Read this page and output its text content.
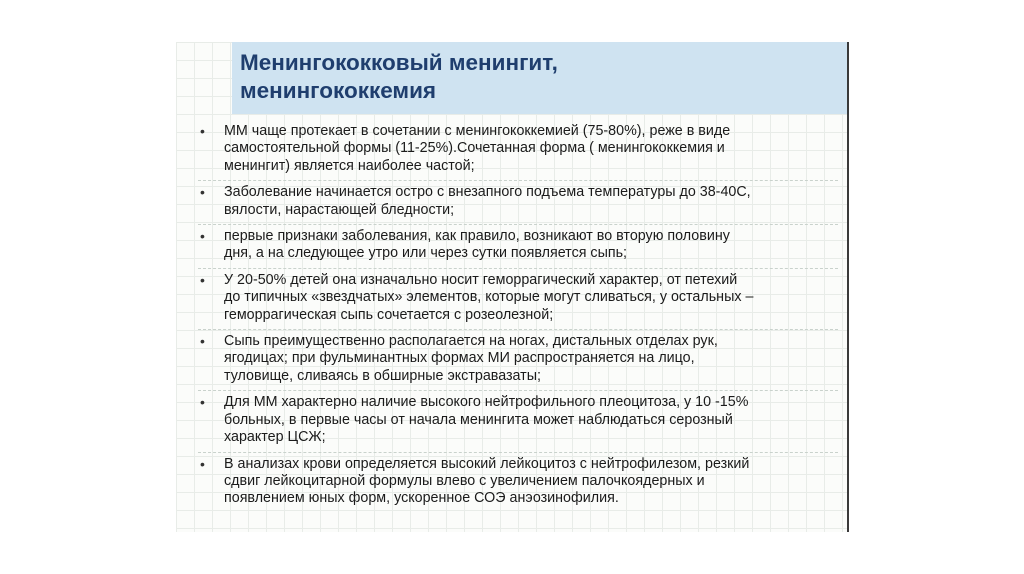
Менингококковый менингит,
менингококкемия
• ММ чаще протекает в сочетании с менингококкемией (75-80%), реже в виде
самостоятельной формы (11-25%).Сочетанная форма ( менингококкемия и
менингит) является наиболее частой;
• Заболевание начинается остро с внезапного подъема температуры до 38-40С,
вялости, нарастающей бледности;
• первые признаки заболевания, как правило, возникают во вторую половину
дня, а на следующее утро или через сутки появляется сыпь;
• У 20-50% детей она изначально носит геморрагический характер, от петехий
до типичных «звездчатых» элементов, которые могут сливаться, у остальных –
геморрагическая сыпь сочетается с розеолезной;
• Сыпь преимущественно располагается на ногах, дистальных отделах рук,
ягодицах; при фульминантных формах МИ распространяется на лицо,
туловище, сливаясь в обширные экстравазаты;
• Для ММ характерно наличие высокого нейтрофильного плеоцитоза, у 10 -15%
больных, в первые часы от начала менингита может наблюдаться серозный
характер ЦСЖ;
• В анализах крови определяется высокий лейкоцитоз с нейтрофилезом, резкий
сдвиг лейкоцитарной формулы влево с увеличением палочкоядерных и
появлением юных форм, ускоренное СОЭ анэозинофилия.
